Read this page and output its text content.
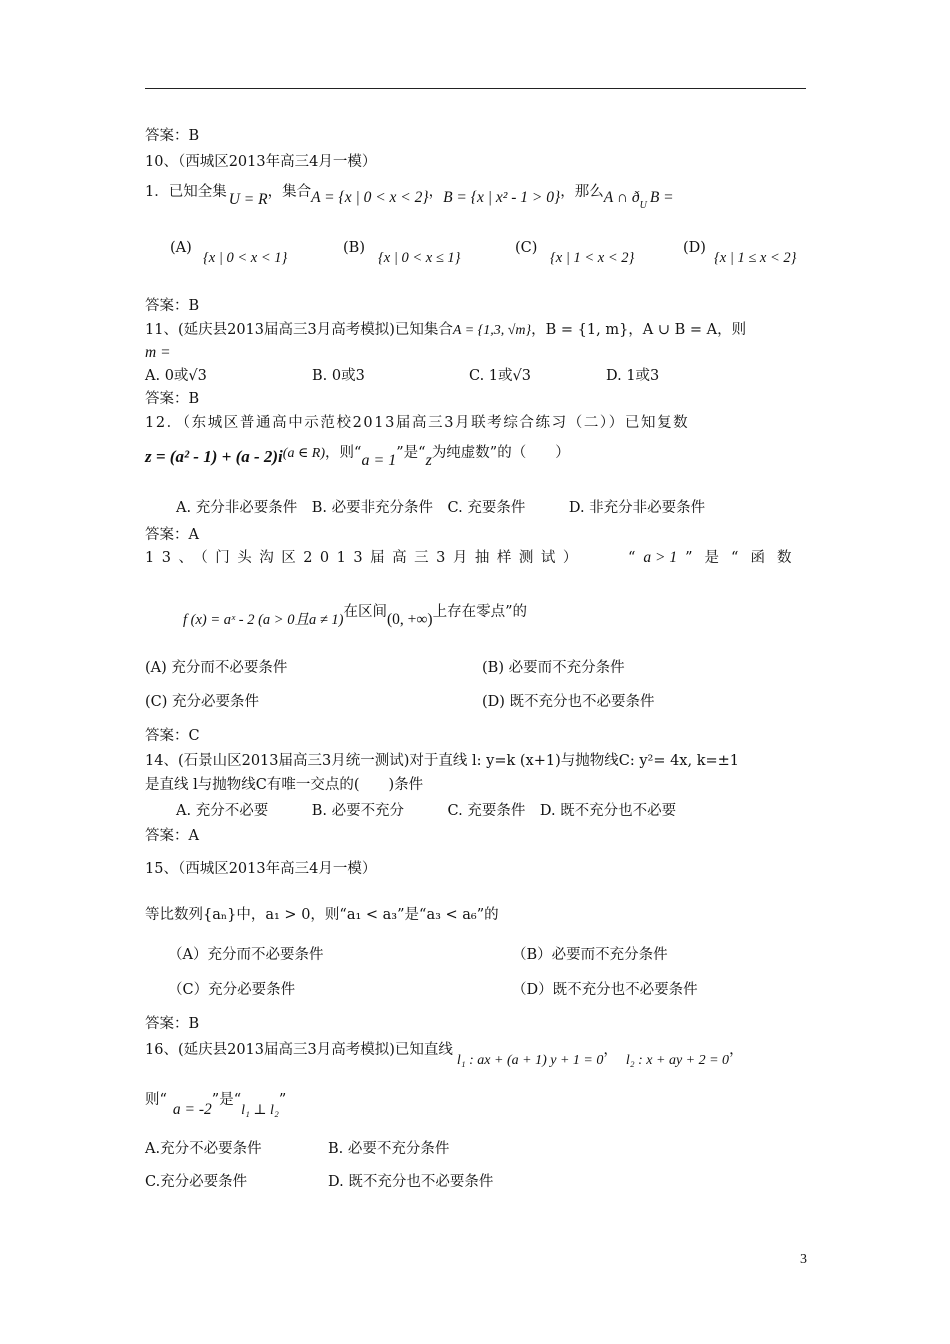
答案：B
10、（西城区2013年高三4月一模）
1．已知全集 U = R，集合A = {x | 0 < x < 2}，B = {x | x² - 1 > 0}，那么A ∩ $ð_U$ B =
(A)
{x | 0 < x < 1}
(B)
{x | 0 < x ≤ 1}
(C)
{x | 1 < x < 2}
(D)
{x | 1 ≤ x < 2}
答案：B
11、(延庆县2013届高三3月高考模拟)已知集合A = {1,3, √m}，B = {1, m}，A ∪ B = A，则
m =
A. 0或√3	B. 0或3	C. 1或√3	D. 1或3
答案：B
12．（东城区普通高中示范校2013届高三3月联考综合练习（二））已知复数
z = (a² - 1) + (a - 2)i(a ∈ R)，则“a = 1”是“z为纯虚数”的（　　）
A. 充分非必要条件　B. 必要非充分条件　C. 充要条件　　　D. 非充分非必要条件
答案：A
13、（门头沟区2013届高三3月抽样测试）	“ a > 1 ”是“函数
f (x) = aˣ - 2 (a > 0且a ≠ 1)在区间(0, +∞)上存在零点”的
(A) 充分而不必要条件	(B) 必要而不充分条件
(C) 充分必要条件	(D) 既不充分也不必要条件
答案：C
14、(石景山区2013届高三3月统一测试)对于直线 l: y=k (x+1)与抛物线C: y²= 4x, k=±1
是直线 l与抛物线C有唯一交点的(　　)条件
A. 充分不必要　　　B. 必要不充分　　　C. 充要条件　D. 既不充分也不必要
答案：A
15、（西城区2013年高三4月一模）
等比数列{aₙ}中，a₁ > 0，则“a₁ < a₃”是“a₃ < a₆”的
（A）充分而不必要条件	（B）必要而不充分条件
（C）充分必要条件	（D）既不充分也不必要条件
答案：B
16、(延庆县2013届高三3月高考模拟)已知直线l₁ : ax + (a + 1) y + 1 = 0，l₂ : x + ay + 2 = 0，
则“a = -2”是“l₁ ⊥ l₂”
A.充分不必要条件	B. 必要不充分条件
C.充分必要条件	D. 既不充分也不必要条件
3
